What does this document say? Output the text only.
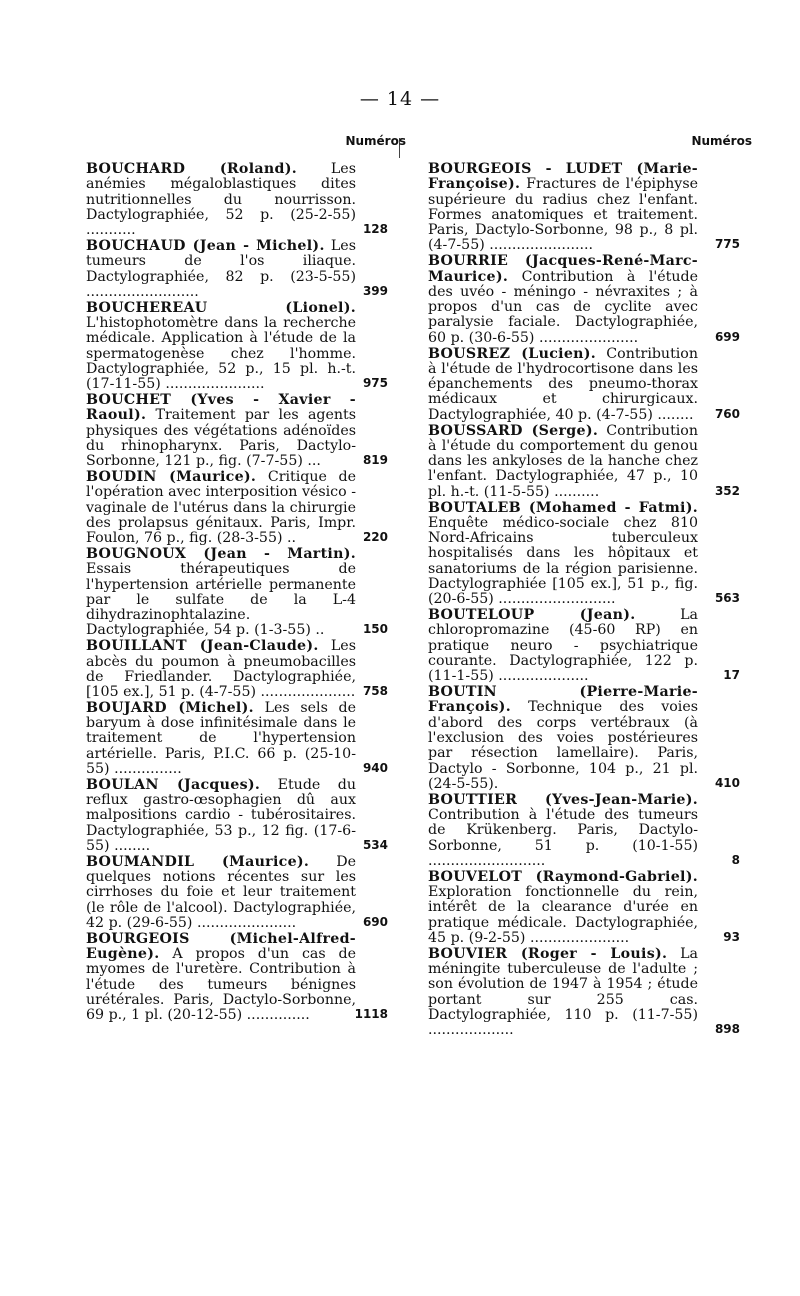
— 14 —
Numéros
BOUCHARD (Roland). Les anémies mégaloblastiques dites nutritionnelles du nourrisson. Dactylographiée, 52 p. (25-2-55) ...........	128
BOUCHAUD (Jean - Michel). Les tumeurs de l'os iliaque. Dactylographiée, 82 p. (23-5-55) .........................	399
BOUCHEREAU (Lionel). L'histophotomètre dans la recherche médicale. Application à l'étude de la spermatogenèse chez l'homme. Dactylographiée, 52 p., 15 pl. h.-t. (17-11-55) ......................	975
BOUCHET (Yves - Xavier - Raoul). Traitement par les agents physiques des végétations adénoïdes du rhinopharynx. Paris, Dactylo-Sorbonne, 121 p., fig. (7-7-55) ...	819
BOUDIN (Maurice). Critique de l'opération avec interposition vésico - vaginale de l'utérus dans la chirurgie des prolapsus génitaux. Paris, Impr. Foulon, 76 p., fig. (28-3-55) ..	220
BOUGNOUX (Jean - Martin). Essais thérapeutiques de l'hypertension artérielle permanente par le sulfate de la L-4 dihydrazinophtalazine. Dactylographiée, 54 p. (1-3-55) ..	150
BOUILLANT (Jean-Claude). Les abcès du poumon à pneumobacilles de Friedlander. Dactylographiée, [105 ex.], 51 p. (4-7-55) ..................... 758
BOUJARD (Michel). Les sels de baryum à dose infinitésimale dans le traitement de l'hypertension artérielle. Paris, P.I.C. 66 p. (25-10-55) ...............	940
BOULAN (Jacques). Etude du reflux gastro-œsophagien dû aux malpositions cardio - tubérositaires. Dactylographiée, 53 p., 12 fig. (17-6-55) ........	534
BOUMANDIL (Maurice). De quelques notions récentes sur les cirrhoses du foie et leur traitement (le rôle de l'alcool). Dactylographiée, 42 p. (29-6-55) ......................	690
BOURGEOIS (Michel-Alfred-Eugène). A propos d'un cas de myomes de l'uretère. Contribution à l'étude des tumeurs bénignes urétérales. Paris, Dactylo-Sorbonne, 69 p., 1 pl. (20-12-55) ..............	1118
Numéros
BOURGEOIS - LUDET (Marie-Françoise). Fractures de l'épiphyse supérieure du radius chez l'enfant. Formes anatomiques et traitement. Paris, Dactylo-Sorbonne, 98 p., 8 pl. (4-7-55) .......................	775
BOURRIE (Jacques-René-Marc-Maurice). Contribution à l'étude des uvéo - méningo - névraxites ; à propos d'un cas de cyclite avec paralysie faciale. Dactylographiée, 60 p. (30-6-55) ......................	699
BOUSREZ (Lucien). Contribution à l'étude de l'hydrocortisone dans les épanchements des pneumo-thorax médicaux et chirurgicaux. Dactylographiée, 40 p. (4-7-55) ........ 760
BOUSSARD (Serge). Contribution à l'étude du comportement du genou dans les ankyloses de la hanche chez l'enfant. Dactylographiée, 47 p., 10 pl. h.-t. (11-5-55) ..........	352
BOUTALEB (Mohamed - Fatmi). Enquête médico-sociale chez 810 Nord-Africains tuberculeux hospitalisés dans les hôpitaux et sanatoriums de la région parisienne. Dactylographiée [105 ex.], 51 p., fig. (20-6-55) ..........................	563
BOUTELOUP (Jean).	La chloropromazine (45-60 RP) en pratique neuro - psychiatrique courante. Dactylographiée, 122 p. (11-1-55) ....................	17
BOUTIN (Pierre-Marie-François). Technique des voies d'abord des corps vertébraux (à l'exclusion des voies postérieures par résection lamellaire). Paris, Dactylo - Sorbonne, 104 p., 21 pl. (24-5-55).	410
BOUTTIER (Yves-Jean-Marie). Contribution à l'étude des tumeurs de Krükenberg. Paris, Dactylo-Sorbonne, 51 p. (10-1-55) ..........................	8
BOUVELOT (Raymond-Gabriel). Exploration fonctionnelle du rein, intérêt de la clearance d'urée en pratique médicale. Dactylographiée, 45 p. (9-2-55) ......................	93
BOUVIER (Roger - Louis). La méningite tuberculeuse de l'adulte ; son évolution de 1947 à 1954 ; étude portant sur 255 cas. Dactylographiée, 110 p. (11-7-55) ...................	898
